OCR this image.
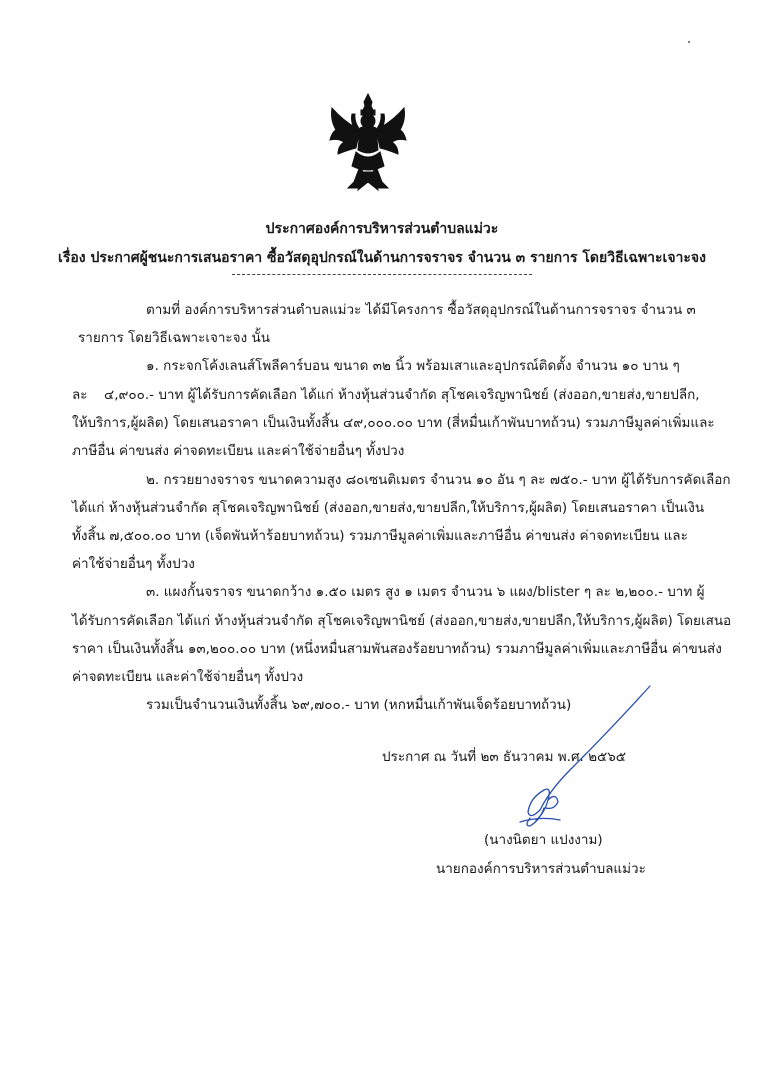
ประกาศองค์การบริหารส่วนตำบลแม่วะ
เรื่อง ประกาศผู้ชนะการเสนอราคา ซื้อวัสดุอุปกรณ์ในด้านการจราจร จำนวน ๓ รายการ โดยวิธีเฉพาะเจาะจง
ตามที่ องค์การบริหารส่วนตำบลแม่วะ ได้มีโครงการ ซื้อวัสดุอุปกรณ์ในด้านการจราจร จำนวน ๓
รายการ โดยวิธีเฉพาะเจาะจง นั้น
๑. กระจกโค้งเลนส์โพลีคาร์บอน ขนาด ๓๒ นิ้ว พร้อมเสาและอุปกรณ์ติดตั้ง จำนวน ๑๐ บาน ๆ
ละ ๔,๙๐๐.- บาท ผู้ได้รับการคัดเลือก ได้แก่ ห้างหุ้นส่วนจำกัด สุโชคเจริญพานิชย์ (ส่งออก,ขายส่ง,ขายปลีก,
ให้บริการ,ผู้ผลิต) โดยเสนอราคา เป็นเงินทั้งสิ้น ๔๙,๐๐๐.๐๐ บาท (สี่หมื่นเก้าพันบาทถ้วน) รวมภาษีมูลค่าเพิ่มและ
ภาษีอื่น ค่าขนส่ง ค่าจดทะเบียน และค่าใช้จ่ายอื่นๆ ทั้งปวง
๒. กรวยยางจราจร ขนาดความสูง ๘๐เซนติเมตร จำนวน ๑๐ อัน ๆ ละ ๗๕๐.- บาท ผู้ได้รับการคัดเลือก
ได้แก่ ห้างหุ้นส่วนจำกัด สุโชคเจริญพานิชย์ (ส่งออก,ขายส่ง,ขายปลีก,ให้บริการ,ผู้ผลิต) โดยเสนอราคา เป็นเงิน
ทั้งสิ้น ๗,๕๐๐.๐๐ บาท (เจ็ดพันห้าร้อยบาทถ้วน) รวมภาษีมูลค่าเพิ่มและภาษีอื่น ค่าขนส่ง ค่าจดทะเบียน และ
ค่าใช้จ่ายอื่นๆ ทั้งปวง
๓. แผงกั้นจราจร ขนาดกว้าง ๑.๕๐ เมตร สูง ๑ เมตร จำนวน ๖ แผง/blister ๆ ละ ๒,๒๐๐.- บาท ผู้
ได้รับการคัดเลือก ได้แก่ ห้างหุ้นส่วนจำกัด สุโชคเจริญพานิชย์ (ส่งออก,ขายส่ง,ขายปลีก,ให้บริการ,ผู้ผลิต) โดยเสนอ
ราคา เป็นเงินทั้งสิ้น ๑๓,๒๐๐.๐๐ บาท (หนึ่งหมื่นสามพันสองร้อยบาทถ้วน) รวมภาษีมูลค่าเพิ่มและภาษีอื่น ค่าขนส่ง
ค่าจดทะเบียน และค่าใช้จ่ายอื่นๆ ทั้งปวง
รวมเป็นจำนวนเงินทั้งสิ้น ๖๙,๗๐๐.- บาท (หกหมื่นเก้าพันเจ็ดร้อยบาทถ้วน)
ประกาศ ณ วันที่ ๒๓ ธันวาคม พ.ศ. ๒๕๖๕
(นางนิตยา แปงงาม)
นายกองค์การบริหารส่วนตำบลแม่วะ
